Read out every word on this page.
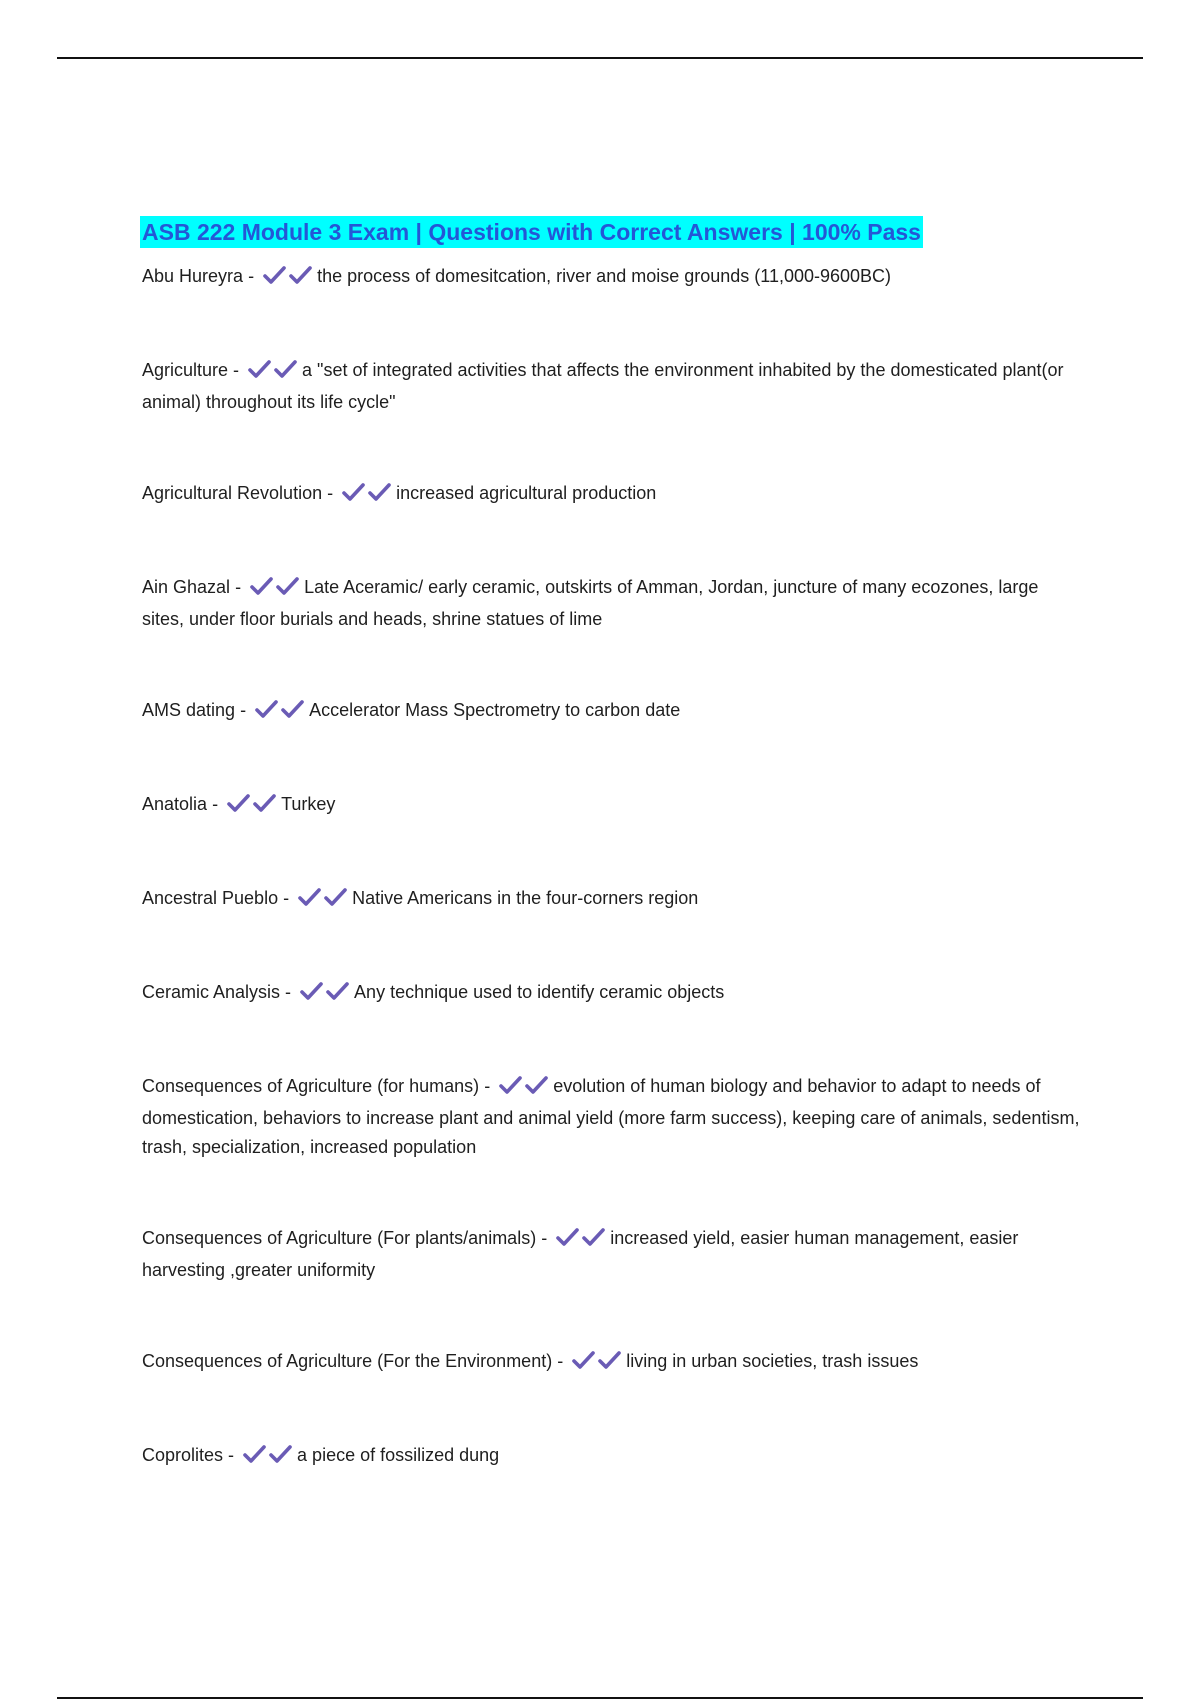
ASB 222 Module 3 Exam | Questions with Correct Answers | 100% Pass
Abu Hureyra -	the process of domesitcation, river and moise grounds (11,000-9600BC)
Agriculture -	a "set of integrated activities that affects the environment inhabited by the domesticated plant(or animal) throughout its life cycle"
Agricultural Revolution -	increased agricultural production
Ain Ghazal -	Late Aceramic/ early ceramic, outskirts of Amman, Jordan, juncture of many ecozones, large sites, under floor burials and heads, shrine statues of lime
AMS dating -	Accelerator Mass Spectrometry to carbon date
Anatolia -	Turkey
Ancestral Pueblo -	Native Americans in the four-corners region
Ceramic Analysis -	Any technique used to identify ceramic objects
Consequences of Agriculture (for humans) -	evolution of human biology and behavior to adapt to needs of domestication, behaviors to increase plant and animal yield (more farm success), keeping care of animals, sedentism, trash, specialization, increased population
Consequences of Agriculture (For plants/animals) -	increased yield, easier human management, easier harvesting ,greater uniformity
Consequences of Agriculture (For the Environment) -	living in urban societies, trash issues
Coprolites -	a piece of fossilized dung
